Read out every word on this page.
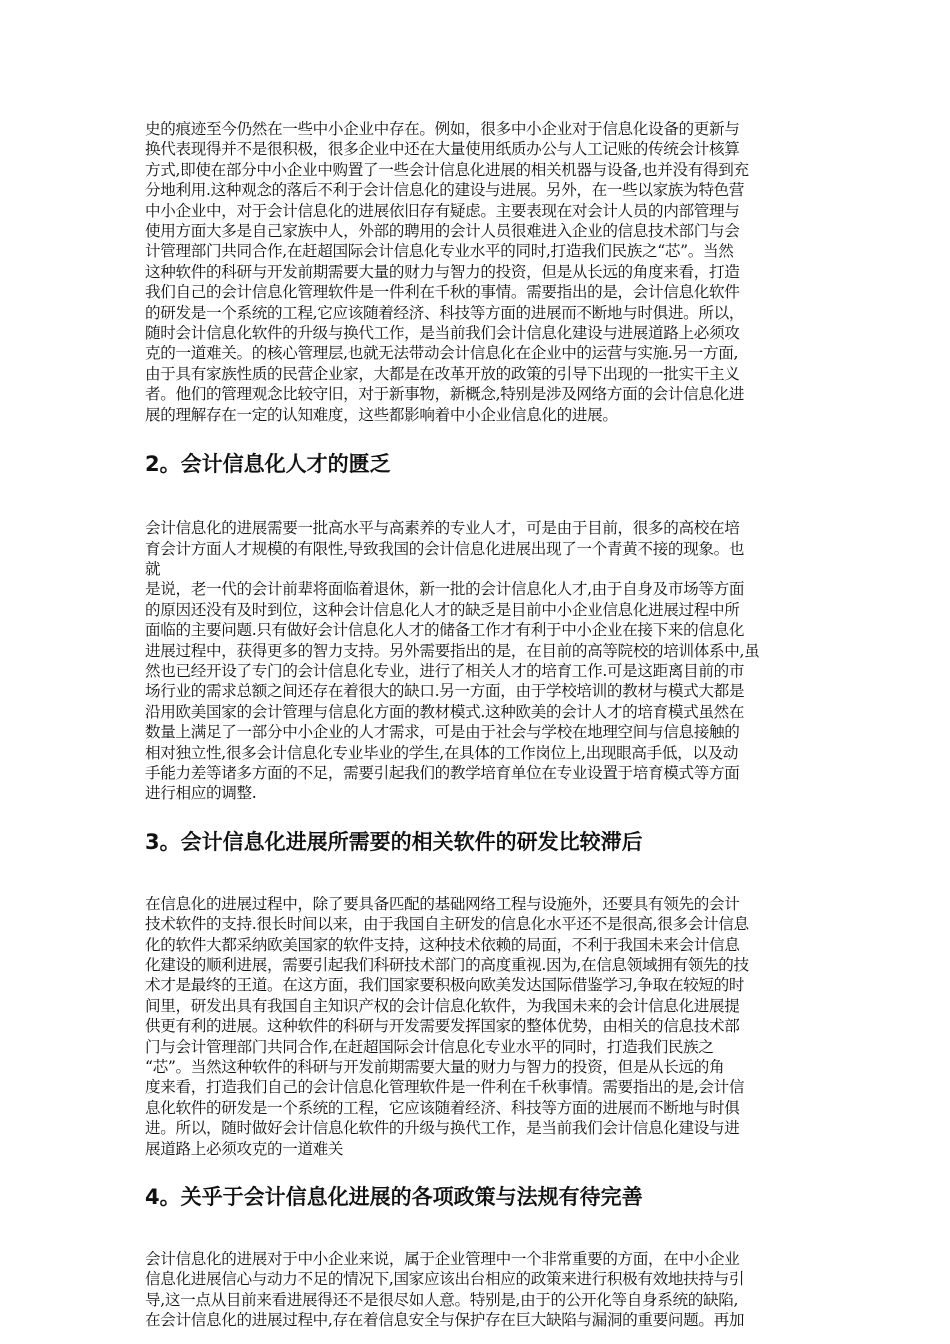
史的痕迹至今仍然在一些中小企业中存在。例如，很多中小企业对于信息化设备的更新与
换代表现得并不是很积极，很多企业中还在大量使用纸质办公与人工记账的传统会计核算
方式,即使在部分中小企业中购置了一些会计信息化进展的相关机器与设备,也并没有得到充
分地利用.这种观念的落后不利于会计信息化的建设与进展。另外，在一些以家族为特色营
中小企业中，对于会计信息化的进展依旧存有疑虑。主要表现在对会计人员的内部管理与
使用方面大多是自己家族中人，外部的聘用的会计人员很难进入企业的信息技术部门与会
计管理部门共同合作,在赶超国际会计信息化专业水平的同时,打造我们民族之“芯”。当然
这种软件的科研与开发前期需要大量的财力与智力的投资，但是从长远的角度来看，打造
我们自己的会计信息化管理软件是一件利在千秋的事情。需要指出的是，会计信息化软件
的研发是一个系统的工程,它应该随着经济、科技等方面的进展而不断地与时俱进。所以，
随时会计信息化软件的升级与换代工作，是当前我们会计信息化建设与进展道路上必须攻
克的一道难关。的核心管理层,也就无法带动会计信息化在企业中的运营与实施.另一方面,
由于具有家族性质的民营企业家，大都是在改革开放的政策的引导下出现的一批实干主义
者。他们的管理观念比较守旧，对于新事物，新概念,特别是涉及网络方面的会计信息化进
展的理解存在一定的认知难度，这些都影响着中小企业信息化的进展。

2。会计信息化人才的匮乏

会计信息化的进展需要一批高水平与高素养的专业人才，可是由于目前，很多的高校在培
育会计方面人才规模的有限性,导致我国的会计信息化进展出现了一个青黄不接的现象。也
就
是说，老一代的会计前辈将面临着退休，新一批的会计信息化人才,由于自身及市场等方面
的原因还没有及时到位，这种会计信息化人才的缺乏是目前中小企业信息化进展过程中所
面临的主要问题.只有做好会计信息化人才的储备工作才有利于中小企业在接下来的信息化
进展过程中，获得更多的智力支持。另外需要指出的是，在目前的高等院校的培训体系中,虽
然也已经开设了专门的会计信息化专业，进行了相关人才的培育工作.可是这距离目前的市
场行业的需求总额之间还存在着很大的缺口.另一方面，由于学校培训的教材与模式大都是
沿用欧美国家的会计管理与信息化方面的教材模式.这种欧美的会计人才的培育模式虽然在
数量上满足了一部分中小企业的人才需求，可是由于社会与学校在地理空间与信息接触的
相对独立性,很多会计信息化专业毕业的学生,在具体的工作岗位上,出现眼高手低，以及动
手能力差等诸多方面的不足，需要引起我们的教学培育单位在专业设置于培育模式等方面
进行相应的调整.

3。会计信息化进展所需要的相关软件的研发比较滞后

在信息化的进展过程中，除了要具备匹配的基础网络工程与设施外，还要具有领先的会计
技术软件的支持.很长时间以来，由于我国自主研发的信息化水平还不是很高,很多会计信息
化的软件大都采纳欧美国家的软件支持，这种技术依赖的局面，不利于我国未来会计信息
化建设的顺利进展，需要引起我们科研技术部门的高度重视.因为,在信息领域拥有领先的技
术才是最终的王道。在这方面，我们国家要积极向欧美发达国际借鉴学习,争取在较短的时
间里，研发出具有我国自主知识产权的会计信息化软件，为我国未来的会计信息化进展提
供更有利的进展。这种软件的科研与开发需要发挥国家的整体优势，由相关的信息技术部
门与会计管理部门共同合作,在赶超国际会计信息化专业水平的同时，打造我们民族之
“芯”。当然这种软件的科研与开发前期需要大量的财力与智力的投资，但是从长远的角
度来看，打造我们自己的会计信息化管理软件是一件利在千秋事情。需要指出的是,会计信
息化软件的研发是一个系统的工程，它应该随着经济、科技等方面的进展而不断地与时俱
进。所以，随时做好会计信息化软件的升级与换代工作，是当前我们会计信息化建设与进
展道路上必须攻克的一道难关

4。关乎于会计信息化进展的各项政策与法规有待完善

会计信息化的进展对于中小企业来说，属于企业管理中一个非常重要的方面，在中小企业
信息化进展信心与动力不足的情况下,国家应该出台相应的政策来进行积极有效地扶持与引
导,这一点从目前来看进展得还不是很尽如人意。特别是,由于的公开化等自身系统的缺陷,
在会计信息化的进展过程中,存在着信息安全与保护存在巨大缺陷与漏洞的重要问题。再加
